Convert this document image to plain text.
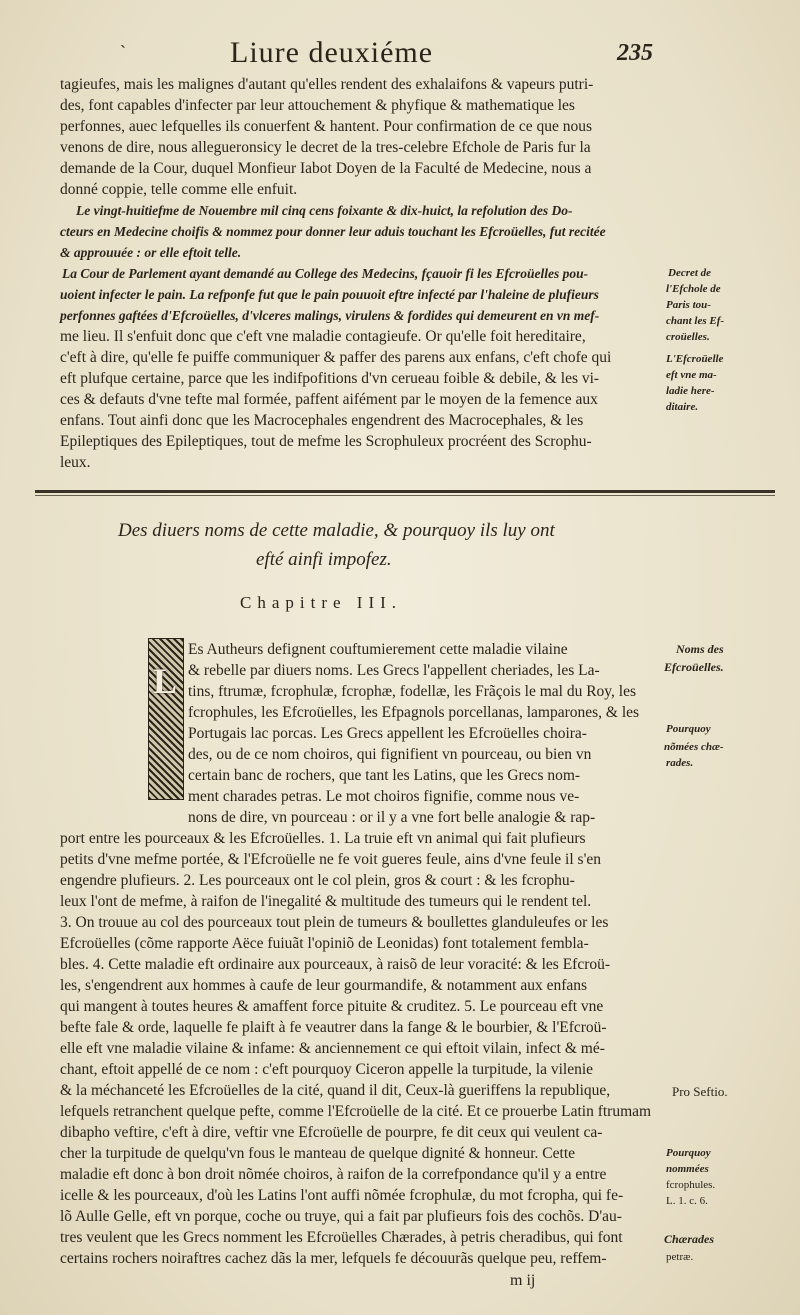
`	Liure deuxiéme	235
tagieufes, mais les malignes d'autant qu'elles rendent des exhalaifons & vapeurs putri-
des, font capables d'infecter par leur attouchement & phyfique & mathematique les
perfonnes, auec lefquelles ils conuerfent & hantent. Pour confirmation de ce que nous
venons de dire, nous allegueronsicy le decret de la tres-celebre Efchole de Paris fur la
demande de la Cour, duquel Monfieur Iabot Doyen de la Faculté de Medecine, nous a
donné coppie, telle comme elle enfuit.
Le vingt-huitiefme de Nouembre mil cinq cens foixante & dix-huict, la refolution des Do-
cteurs en Medecine choifis & nommez pour donner leur aduis touchant les Efcroüelles, fut recitée
& approuuée : or elle eftoit telle.
La Cour de Parlement ayant demandé au College des Medecins, fçauoir fi les Efcroüelles pou-
uoient infecter le pain. La refponfe fut que le pain pouuoit eftre infecté par l'haleine de plufieurs
perfonnes gaftées d'Efcroüelles, d'vlceres malings, virulens & fordides qui demeurent en vn mef-
me lieu. Il s'enfuit donc que c'eft vne maladie contagieufe. Or qu'elle foit hereditaire,
c'eft à dire, qu'elle fe puiffe communiquer & paffer des parens aux enfans, c'eft chofe qui
eft plufque certaine, parce que les indifpofitions d'vn cerueau foible & debile, & les vi-
ces & defauts d'vne tefte mal formée, paffent aifément par le moyen de la femence aux
enfans. Tout ainfi donc que les Macrocephales engendrent des Macrocephales, & les
Epileptiques des Epileptiques, tout de mefme les Scrophuleux procréent des Scrophu-
leux.
Decret de
l'Efchole de
Paris tou-
chant les Ef-
croüelles.
L'Efcroüelle
eft vne ma-
ladie here-
ditaire.
Des diuers noms de cette maladie, & pourquoy ils luy ont
efté ainfi impofez.
Chapitre III.
L
Es Autheurs defignent couftumierement cette maladie vilaine
& rebelle par diuers noms. Les Grecs l'appellent cheriades, les La-
tins, ftrumæ, fcrophulæ, fcrophæ, fodellæ, les Frãçois le mal du Roy, les
fcrophules, les Efcroüelles, les Efpagnols porcellanas, lamparones, & les
Portugais lac porcas. Les Grecs appellent les Efcroüelles choira-
des, ou de ce nom choiros, qui fignifient vn pourceau, ou bien vn
certain banc de rochers, que tant les Latins, que les Grecs nom-
ment charades petras. Le mot choiros fignifie, comme nous ve-
nons de dire, vn pourceau : or il y a vne fort belle analogie & rap-
port entre les pourceaux & les Efcroüelles. 1. La truie eft vn animal qui fait plufieurs
petits d'vne mefme portée, & l'Efcroüelle ne fe voit gueres feule, ains d'vne feule il s'en
engendre plufieurs. 2. Les pourceaux ont le col plein, gros & court : & les fcrophu-
leux l'ont de mefme, à raifon de l'inegalité & multitude des tumeurs qui le rendent tel.
3. On trouue au col des pourceaux tout plein de tumeurs & boullettes glanduleufes or les
Efcroüelles (cõme rapporte Aëce fuiuãt l'opiniõ de Leonidas) font totalement fembla-
bles. 4. Cette maladie eft ordinaire aux pourceaux, à raisõ de leur voracité: & les Efcroü-
les, s'engendrent aux hommes à caufe de leur gourmandife, & notamment aux enfans
qui mangent à toutes heures & amaffent force pituite & cruditez. 5. Le pourceau eft vne
befte fale & orde, laquelle fe plaift à fe veautrer dans la fange & le bourbier, & l'Efcroü-
elle eft vne maladie vilaine & infame: & anciennement ce qui eftoit vilain, infect & mé-
chant, eftoit appellé de ce nom : c'eft pourquoy Ciceron appelle la turpitude, la vilenie
& la méchanceté les Efcroüelles de la cité, quand il dit, Ceux-là gueriffens la republique,
lefquels retranchent quelque pefte, comme l'Efcroüelle de la cité. Et ce prouerbe Latin ftrumam
dibapho veftire, c'eft à dire, veftir vne Efcroüelle de pourpre, fe dit ceux qui veulent ca-
cher la turpitude de quelqu'vn fous le manteau de quelque dignité & honneur. Cette
maladie eft donc à bon droit nõmée choiros, à raifon de la correfpondance qu'il y a entre
icelle & les pourceaux, d'où les Latins l'ont auffi nõmée fcrophulæ, du mot fcropha, qui fe-
lõ Aulle Gelle, eft vn porque, coche ou truye, qui a fait par plufieurs fois des cochõs. D'au-
tres veulent que les Grecs nomment les Efcroüelles Chærades, à petris cheradibus, qui font
certains rochers noiraftres cachez dãs la mer, lefquels fe découurãs quelque peu, reffem-
Noms des
Efcroüelles.
Pourquoy
nõmées chæ-
rades.
Pro Seftio.
Pourquoy
nommées
fcrophules.
L. 1. c. 6.
Chærades
petræ.
m ij
